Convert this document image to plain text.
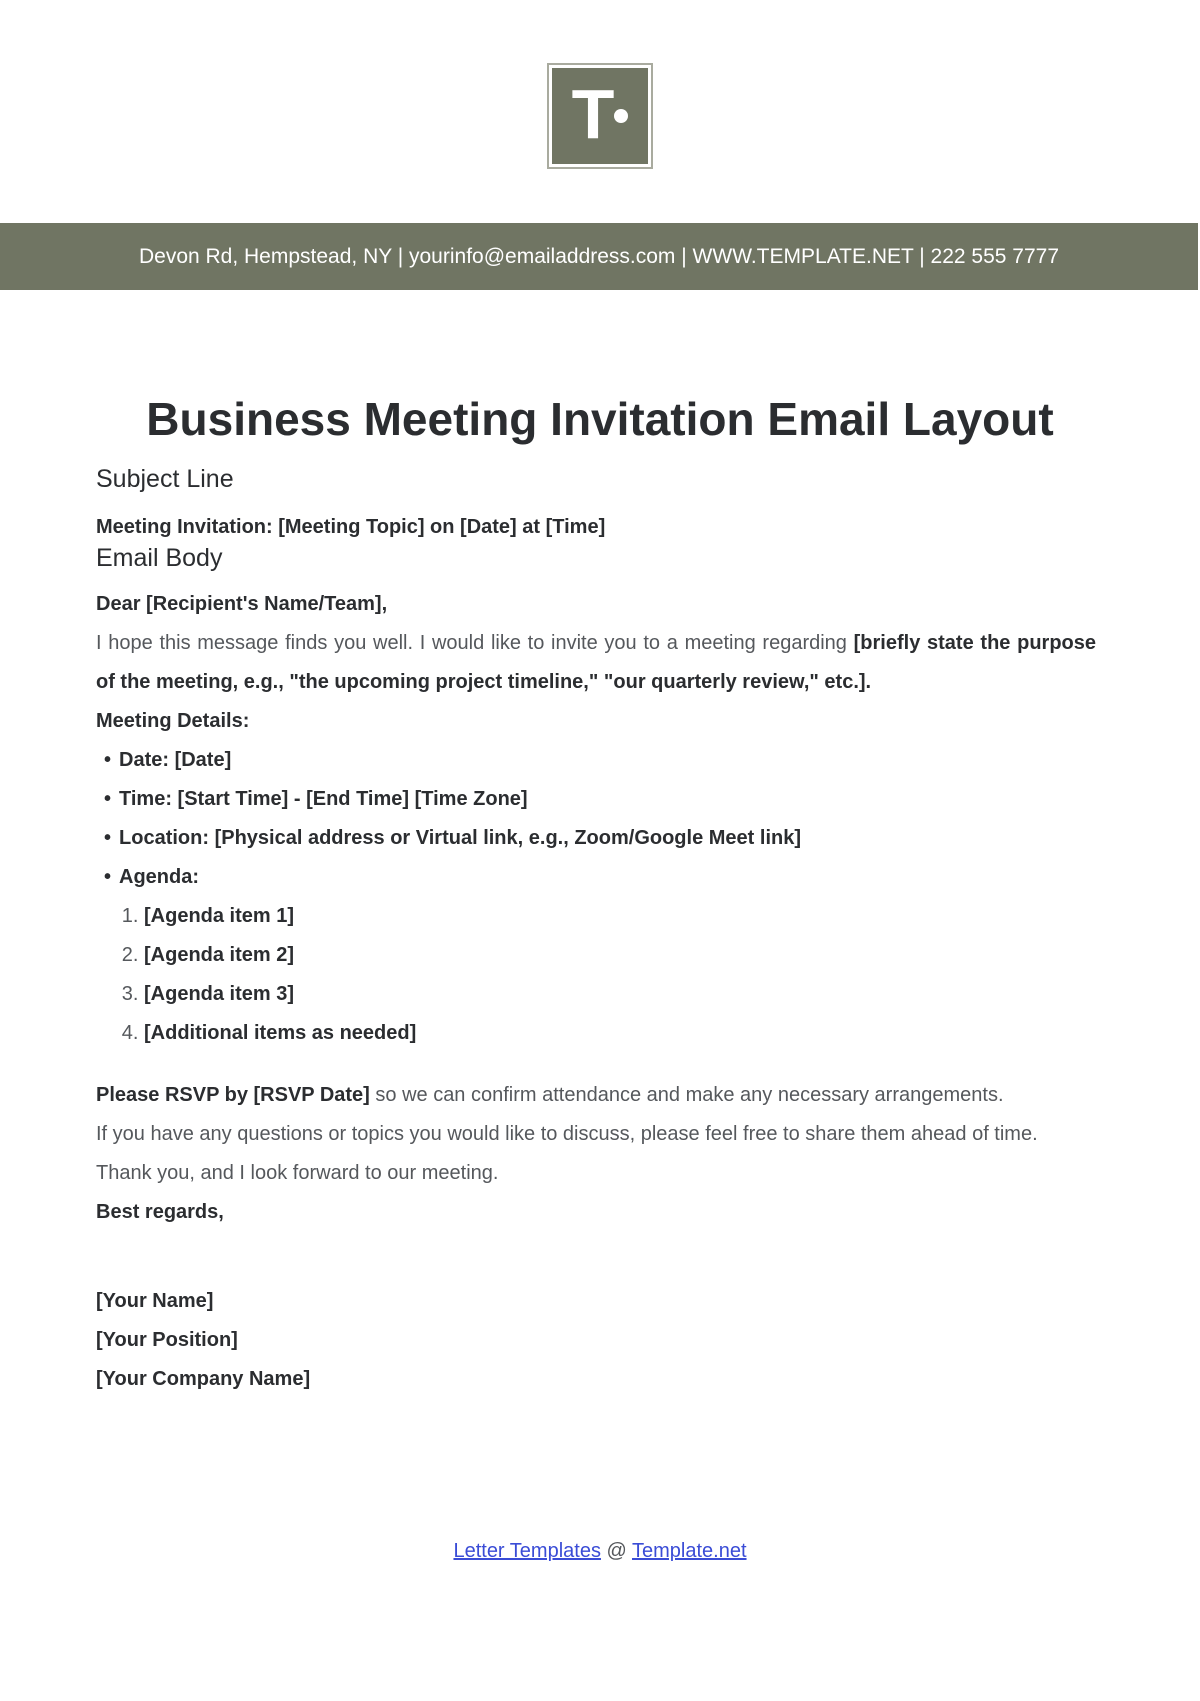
T
Devon Rd, Hempstead, NY | yourinfo@emailaddress.com | WWW.TEMPLATE.NET | 222 555 7777
Business Meeting Invitation Email Layout
Subject Line

Meeting Invitation: [Meeting Topic] on [Date] at [Time]

Email Body

Dear [Recipient's Name/Team],

I hope this message finds you well. I would like to invite you to a meeting regarding [briefly state the purpose of the meeting, e.g., "the upcoming project timeline," "our quarterly review," etc.].

Meeting Details:

• Date: [Date]
• Time: [Start Time] - [End Time] [Time Zone]
• Location: [Physical address or Virtual link, e.g., Zoom/Google Meet link]
• Agenda:
1. [Agenda item 1]
2. [Agenda item 2]
3. [Agenda item 3]
4. [Additional items as needed]

Please RSVP by [RSVP Date] so we can confirm attendance and make any necessary arrangements.

If you have any questions or topics you would like to discuss, please feel free to share them ahead of time.

Thank you, and I look forward to our meeting.

Best regards,

[Your Name]

[Your Position]

[Your Company Name]

Letter Templates @ Template.net
